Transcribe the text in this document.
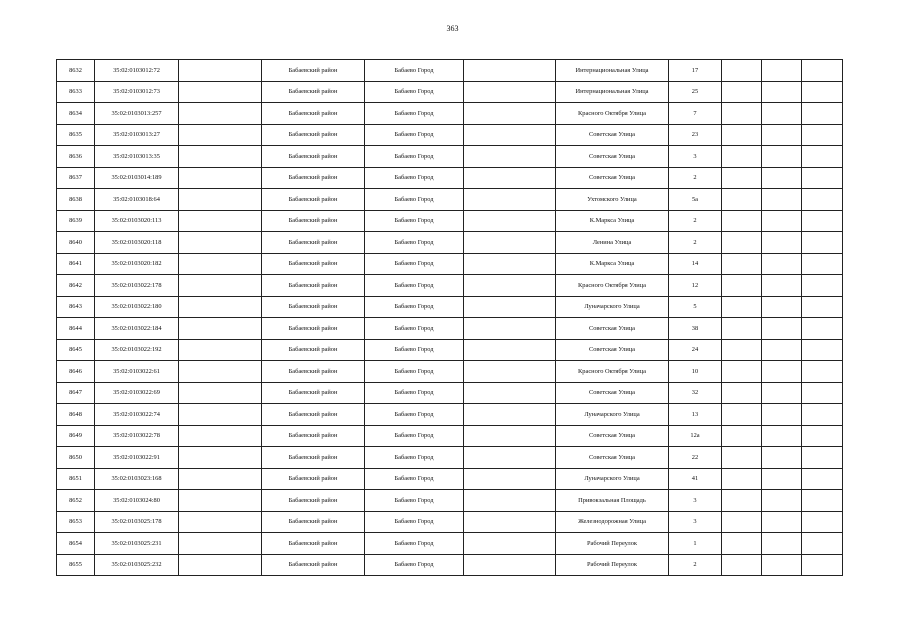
363
8632	35:02:0103012:72		Бабаевский район	Бабаево Город		Интернациональная Улица	17			
8633	35:02:0103012:73		Бабаевский район	Бабаево Город		Интернациональная Улица	25			
8634	35:02:0103013:257		Бабаевский район	Бабаево Город		Красного Октября Улица	7			
8635	35:02:0103013:27		Бабаевский район	Бабаево Город		Советская Улица	23			
8636	35:02:0103013:35		Бабаевский район	Бабаево Город		Советская Улица	3			
8637	35:02:0103014:189		Бабаевский район	Бабаево Город		Советская Улица	2			
8638	35:02:0103018:64		Бабаевский район	Бабаево Город		Ухтомского Улица	5а			
8639	35:02:0103020:113		Бабаевский район	Бабаево Город		К.Маркса Улица	2			
8640	35:02:0103020:118		Бабаевский район	Бабаево Город		Ленина Улица	2			
8641	35:02:0103020:182		Бабаевский район	Бабаево Город		К.Маркса Улица	14			
8642	35:02:0103022:178		Бабаевский район	Бабаево Город		Красного Октября Улица	12			
8643	35:02:0103022:180		Бабаевский район	Бабаево Город		Луначарского Улица	5			
8644	35:02:0103022:184		Бабаевский район	Бабаево Город		Советская Улица	38			
8645	35:02:0103022:192		Бабаевский район	Бабаево Город		Советская Улица	24			
8646	35:02:0103022:61		Бабаевский район	Бабаево Город		Красного Октября Улица	10			
8647	35:02:0103022:69		Бабаевский район	Бабаево Город		Советская Улица	32			
8648	35:02:0103022:74		Бабаевский район	Бабаево Город		Луначарского Улица	13			
8649	35:02:0103022:78		Бабаевский район	Бабаево Город		Советская Улица	12а			
8650	35:02:0103022:91		Бабаевский район	Бабаево Город		Советская Улица	22			
8651	35:02:0103023:168		Бабаевский район	Бабаево Город		Луначарского Улица	41			
8652	35:02:0103024:80		Бабаевский район	Бабаево Город		Привокзальная Площадь	3			
8653	35:02:0103025:178		Бабаевский район	Бабаево Город		Железнодорожная Улица	3			
8654	35:02:0103025:231		Бабаевский район	Бабаево Город		Рабочий Переулок	1			
8655	35:02:0103025:232		Бабаевский район	Бабаево Город		Рабочий Переулок	2			
